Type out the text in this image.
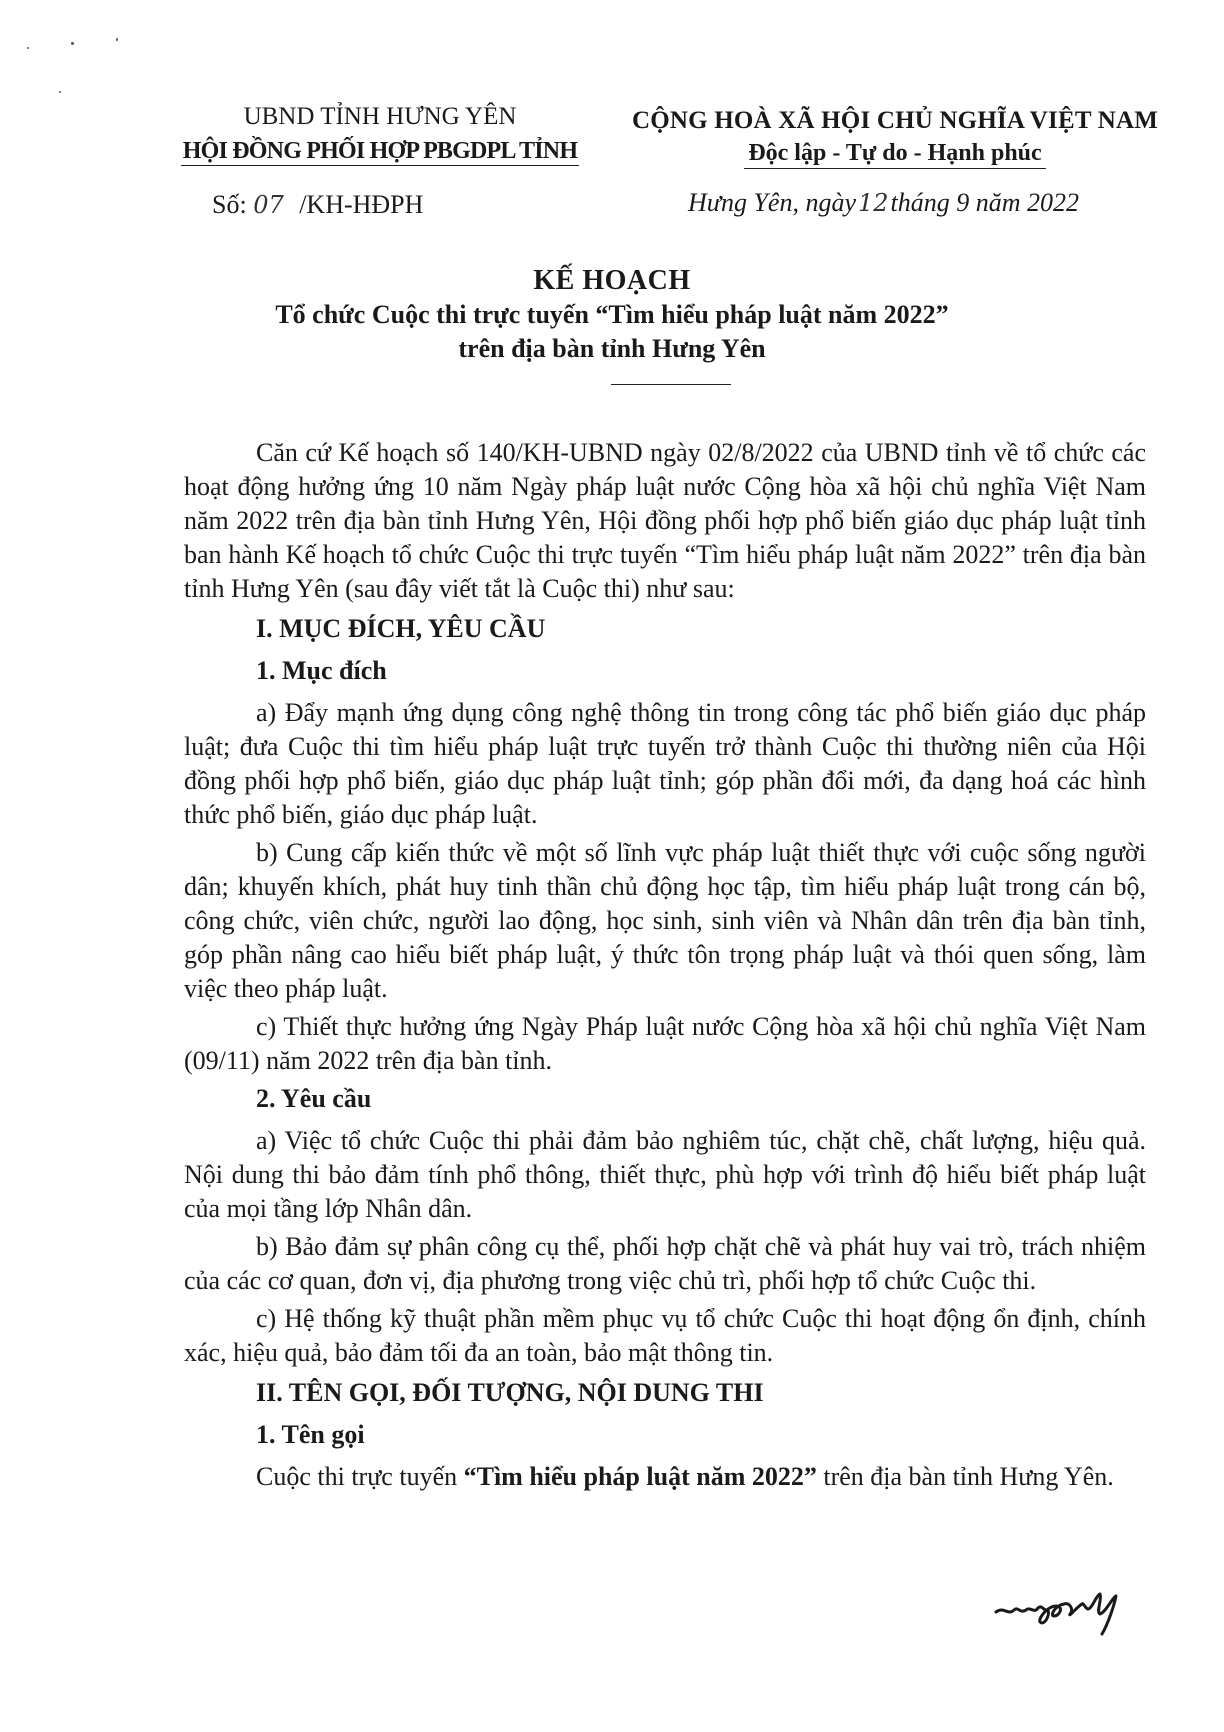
UBND TỈNH HƯNG YÊN
HỘI ĐỒNG PHỐI HỢP PBGDPL TỈNH
CỘNG HOÀ XÃ HỘI CHỦ NGHĨA VIỆT NAM
Độc lập - Tự do - Hạnh phúc
Số: 07 /KH-HĐPH	Hưng Yên, ngày12tháng 9 năm 2022
KẾ HOẠCH
Tổ chức Cuộc thi trực tuyến “Tìm hiểu pháp luật năm 2022”
trên địa bàn tỉnh Hưng Yên

Căn cứ Kế hoạch số 140/KH-UBND ngày 02/8/2022 của UBND tỉnh về tổ chức các hoạt động hưởng ứng 10 năm Ngày pháp luật nước Cộng hòa xã hội chủ nghĩa Việt Nam năm 2022 trên địa bàn tỉnh Hưng Yên, Hội đồng phối hợp phổ biến giáo dục pháp luật tỉnh ban hành Kế hoạch tổ chức Cuộc thi trực tuyến “Tìm hiểu pháp luật năm 2022” trên địa bàn tỉnh Hưng Yên (sau đây viết tắt là Cuộc thi) như sau:

I. MỤC ĐÍCH, YÊU CẦU

1. Mục đích

a) Đẩy mạnh ứng dụng công nghệ thông tin trong công tác phổ biến giáo dục pháp luật; đưa Cuộc thi tìm hiểu pháp luật trực tuyến trở thành Cuộc thi thường niên của Hội đồng phối hợp phổ biến, giáo dục pháp luật tỉnh; góp phần đổi mới, đa dạng hoá các hình thức phổ biến, giáo dục pháp luật.

b) Cung cấp kiến thức về một số lĩnh vực pháp luật thiết thực với cuộc sống người dân; khuyến khích, phát huy tinh thần chủ động học tập, tìm hiểu pháp luật trong cán bộ, công chức, viên chức, người lao động, học sinh, sinh viên và Nhân dân trên địa bàn tỉnh, góp phần nâng cao hiểu biết pháp luật, ý thức tôn trọng pháp luật và thói quen sống, làm việc theo pháp luật.

c) Thiết thực hưởng ứng Ngày Pháp luật nước Cộng hòa xã hội chủ nghĩa Việt Nam (09/11) năm 2022 trên địa bàn tỉnh.

2. Yêu cầu

a) Việc tổ chức Cuộc thi phải đảm bảo nghiêm túc, chặt chẽ, chất lượng, hiệu quả. Nội dung thi bảo đảm tính phổ thông, thiết thực, phù hợp với trình độ hiểu biết pháp luật của mọi tầng lớp Nhân dân.

b) Bảo đảm sự phân công cụ thể, phối hợp chặt chẽ và phát huy vai trò, trách nhiệm của các cơ quan, đơn vị, địa phương trong việc chủ trì, phối hợp tổ chức Cuộc thi.

c) Hệ thống kỹ thuật phần mềm phục vụ tổ chức Cuộc thi hoạt động ổn định, chính xác, hiệu quả, bảo đảm tối đa an toàn, bảo mật thông tin.

II. TÊN GỌI, ĐỐI TƯỢNG, NỘI DUNG THI

1. Tên gọi

Cuộc thi trực tuyến “Tìm hiểu pháp luật năm 2022” trên địa bàn tỉnh Hưng Yên.
